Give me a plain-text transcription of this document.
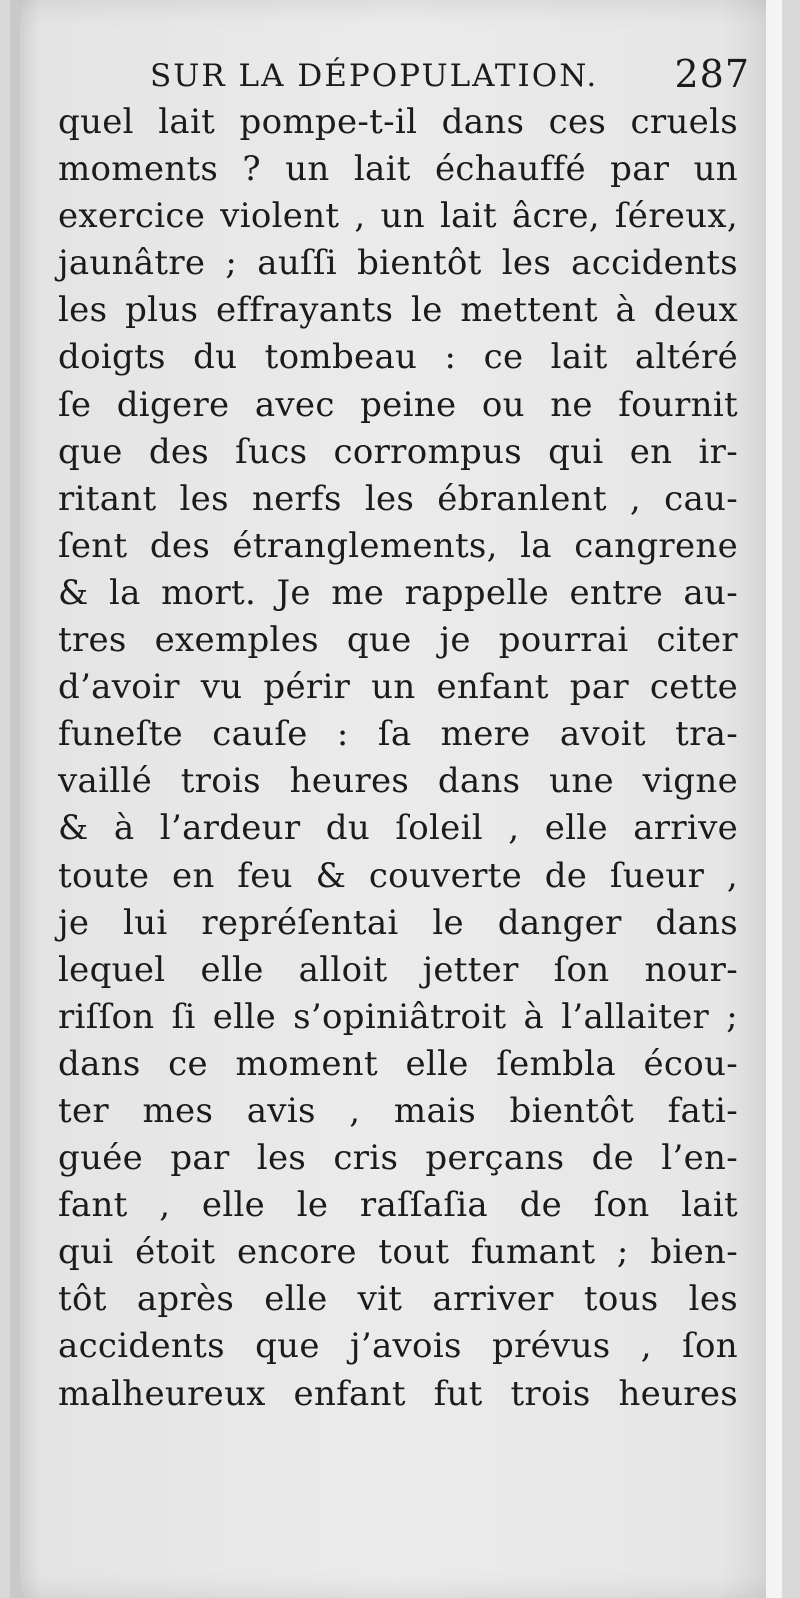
SUR LA DÉPOPULATION. 287
quel lait pompe-t-il dans ces cruels
moments ? un lait échauffé par un
exercice violent , un lait âcre, ſéreux,
jaunâtre ; auſſi bientôt les accidents
les plus effrayants le mettent à deux
doigts du tombeau : ce lait altéré
ſe digere avec peine ou ne fournit
que des ſucs corrompus qui en ir-
ritant les nerfs les ébranlent , cau-
ſent des étranglements, la cangrene
& la mort. Je me rappelle entre au-
tres exemples que je pourrai citer
d’avoir vu périr un enfant par cette
funeſte cauſe : ſa mere avoit tra-
vaillé trois heures dans une vigne
& à l’ardeur du ſoleil , elle arrive
toute en feu & couverte de ſueur ,
je lui repréſentai le danger dans
lequel elle alloit jetter ſon nour-
riſſon ſi elle s’opiniâtroit à l’allaiter ;
dans ce moment elle ſembla écou-
ter mes avis , mais bientôt fati-
guée par les cris perçans de l’en-
fant , elle le raſſaſia de ſon lait
qui étoit encore tout fumant ; bien-
tôt après elle vit arriver tous les
accidents que j’avois prévus , ſon
malheureux enfant fut trois heures
